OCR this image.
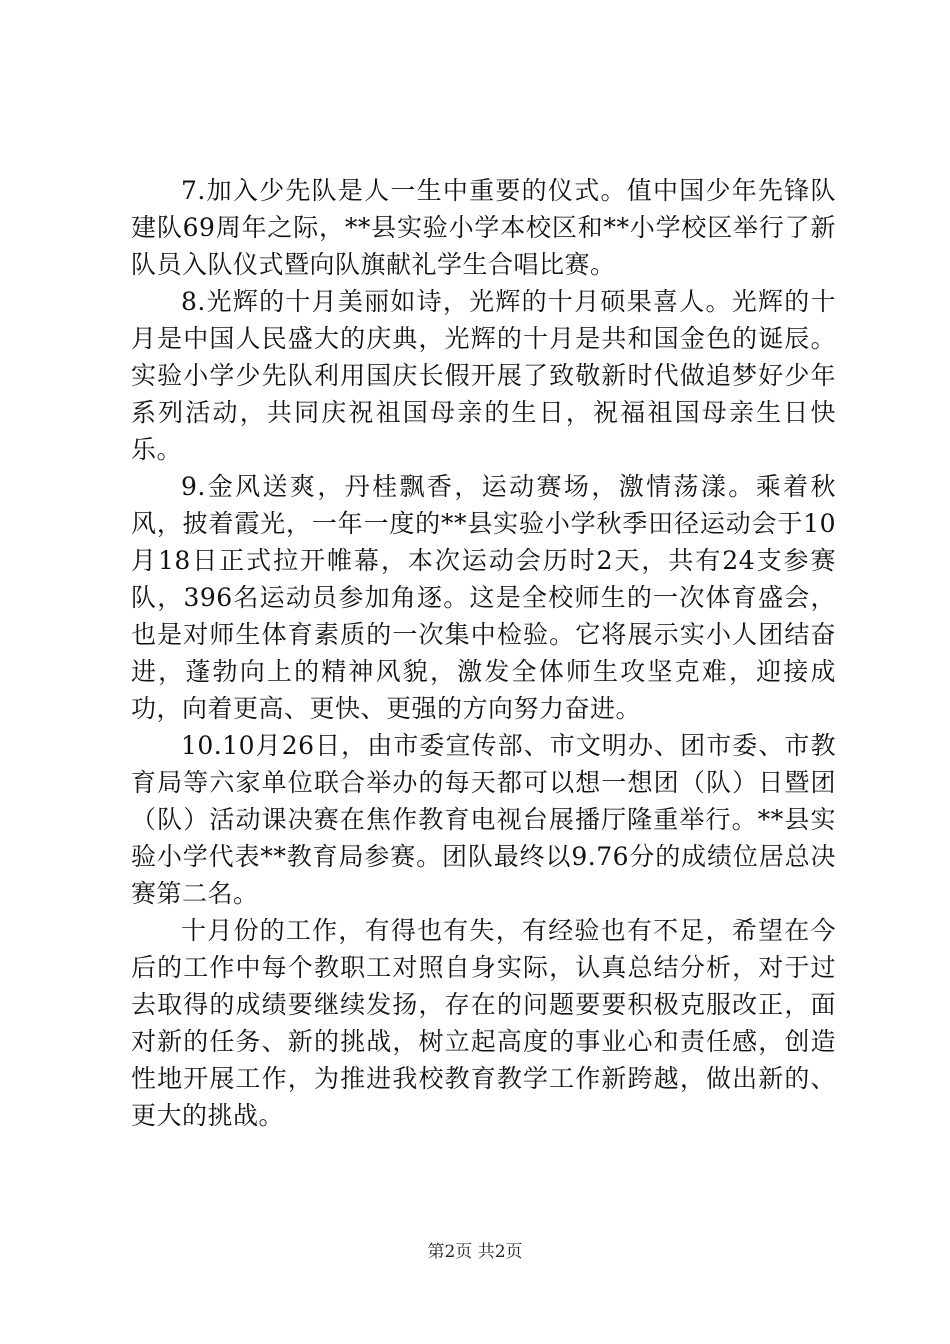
7.加入少先队是人一生中重要的仪式。值中国少年先锋队建队69周年之际，**县实验小学本校区和**小学校区举行了新队员入队仪式暨向队旗献礼学生合唱比赛。

8.光辉的十月美丽如诗，光辉的十月硕果喜人。光辉的十月是中国人民盛大的庆典，光辉的十月是共和国金色的诞辰。实验小学少先队利用国庆长假开展了致敬新时代做追梦好少年系列活动，共同庆祝祖国母亲的生日，祝福祖国母亲生日快乐。

9.金风送爽，丹桂飘香，运动赛场，激情荡漾。乘着秋风，披着霞光，一年一度的**县实验小学秋季田径运动会于10月18日正式拉开帷幕，本次运动会历时2天，共有24支参赛队，396名运动员参加角逐。这是全校师生的一次体育盛会，也是对师生体育素质的一次集中检验。它将展示实小人团结奋进，蓬勃向上的精神风貌，激发全体师生攻坚克难，迎接成功，向着更高、更快、更强的方向努力奋进。

10.10月26日，由市委宣传部、市文明办、团市委、市教育局等六家单位联合举办的每天都可以想一想团（队）日暨团（队）活动课决赛在焦作教育电视台展播厅隆重举行。**县实验小学代表**教育局参赛。团队最终以9.76分的成绩位居总决赛第二名。

十月份的工作，有得也有失，有经验也有不足，希望在今后的工作中每个教职工对照自身实际，认真总结分析，对于过去取得的成绩要继续发扬，存在的问题要要积极克服改正，面对新的任务、新的挑战，树立起高度的事业心和责任感，创造性地开展工作，为推进我校教育教学工作新跨越，做出新的、更大的挑战。

第2页 共2页
